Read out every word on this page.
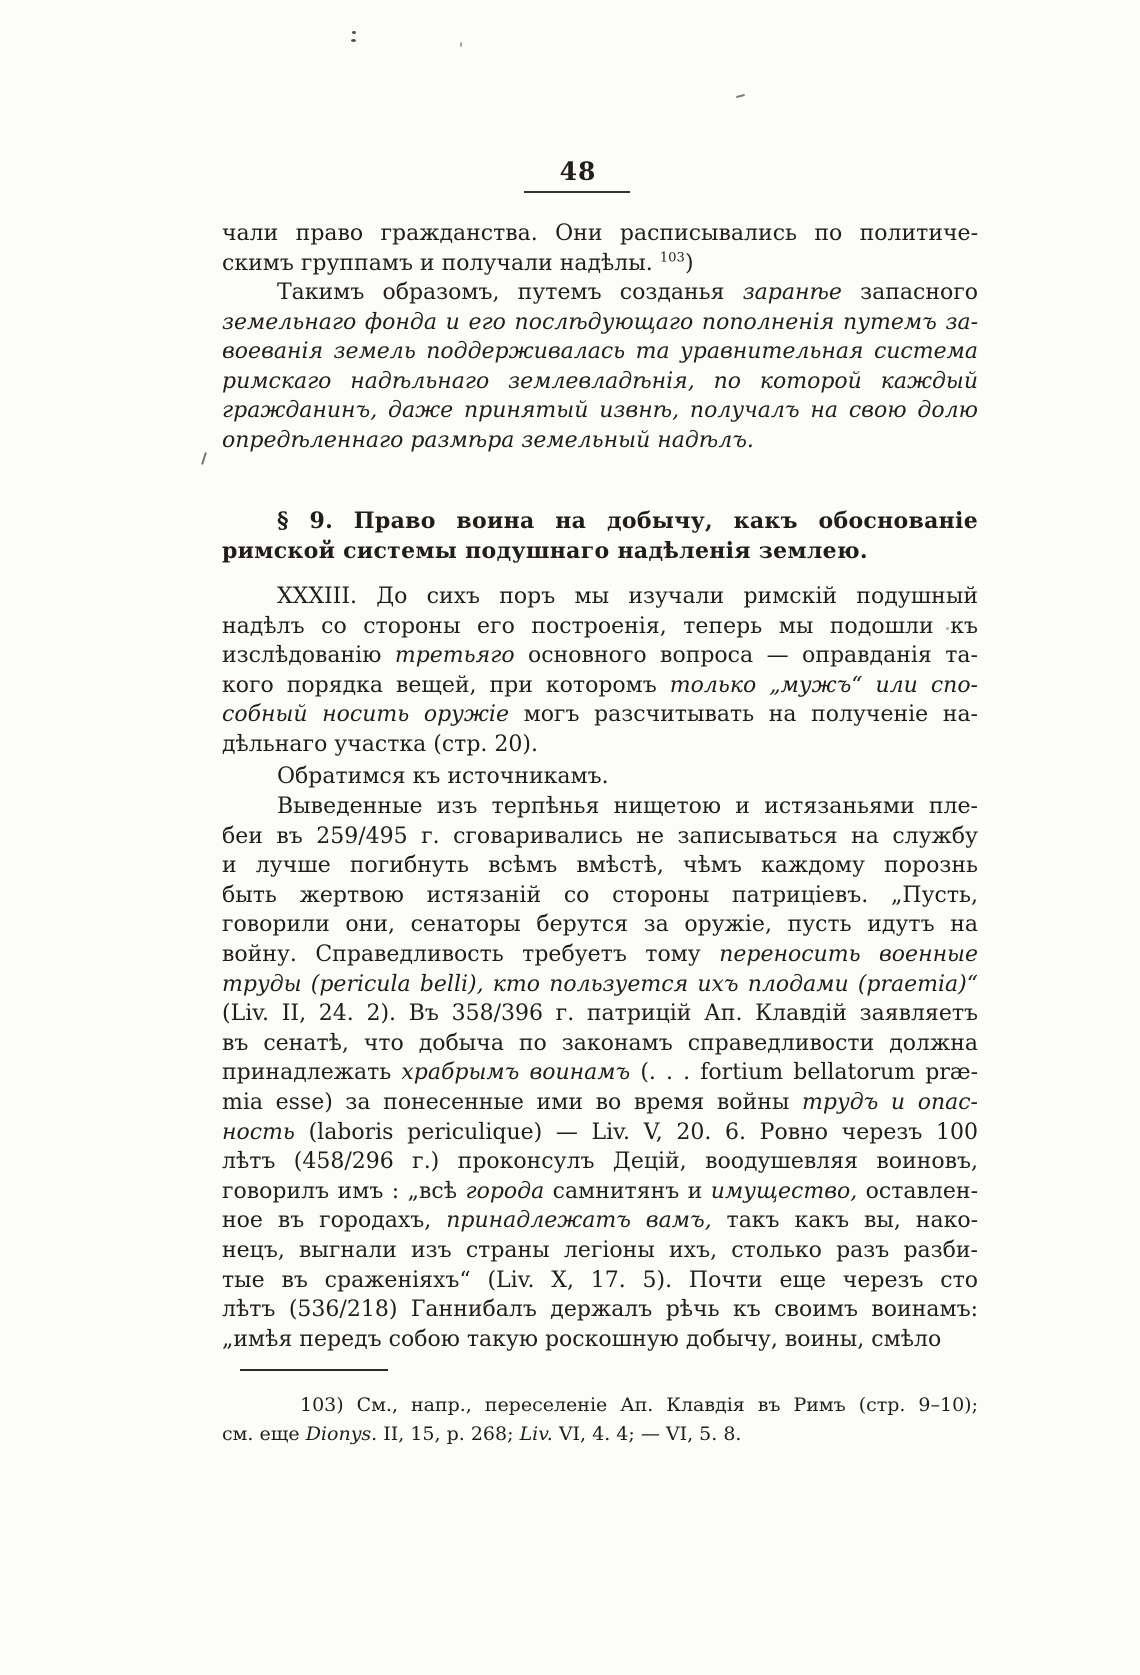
48
чали право гражданства. Они расписывались по политиче-
скимъ группамъ и получали надѣлы. $^{103}$)
Такимъ образомъ, путемъ созданья заранѣе запасного
земельнаго фонда и его послѣдующаго пополненія путемъ за-
воеванія земель поддерживалась та уравнительная система
римскаго надѣльнаго землевладѣнія, по которой каждый
гражданинъ, даже принятый извнѣ, получалъ на свою долю
опредѣленнаго размѣра земельный надѣлъ.
§ 9. Право воина на добычу, какъ обоснованіе
римской системы подушнаго надѣленія землею.
XXXIII. До сихъ поръ мы изучали римскій подушный
надѣлъ со стороны его построенія, теперь мы подошли къ
изслѣдованію третьяго основного вопроса — оправданія та-
кого порядка вещей, при которомъ только „мужъ“ или спо-
собный носить оружіе могъ разсчитывать на полученіе на-
дѣльнаго участка (стр. 20).
Обратимся къ источникамъ.
Выведенные изъ терпѣнья нищетою и истязаньями пле-
беи въ 259/495 г. сговаривались не записываться на службу
и лучше погибнуть всѣмъ вмѣстѣ, чѣмъ каждому порознь
быть жертвою истязаній со стороны патриціевъ. „Пусть,
говорили они, сенаторы берутся за оружіе, пусть идутъ на
войну. Справедливость требуетъ тому переносить военные
труды (pericula belli), кто пользуется ихъ плодами (praemia)“
(Liv. II, 24. 2). Въ 358/396 г. патрицій Ап. Клавдій заявляетъ
въ сенатѣ, что добыча по законамъ справедливости должна
принадлежать храбрымъ воинамъ (. . . fortium bellatorum præ-
mia esse) за понесенные ими во время войны трудъ и опас-
ность (laboris periculique) — Liv. V, 20. 6. Ровно черезъ 100
лѣтъ (458/296 г.) проконсулъ Децій, воодушевляя воиновъ,
говорилъ имъ : „всѣ города самнитянъ и имущество, оставлен-
ное въ городахъ, принадлежатъ вамъ, такъ какъ вы, нако-
нецъ, выгнали изъ страны легіоны ихъ, столько разъ разби-
тые въ сраженіяхъ“ (Liv. X, 17. 5). Почти еще черезъ сто
лѣтъ (536/218) Ганнибалъ держалъ рѣчь къ своимъ воинамъ:
„имѣя передъ собою такую роскошную добычу, воины, смѣло
103) См., напр., переселеніе Ап. Клавдія въ Римъ (стр. 9–10);
см. еще Dionys. II, 15, p. 268; Liv. VI, 4. 4; — VI, 5. 8.
